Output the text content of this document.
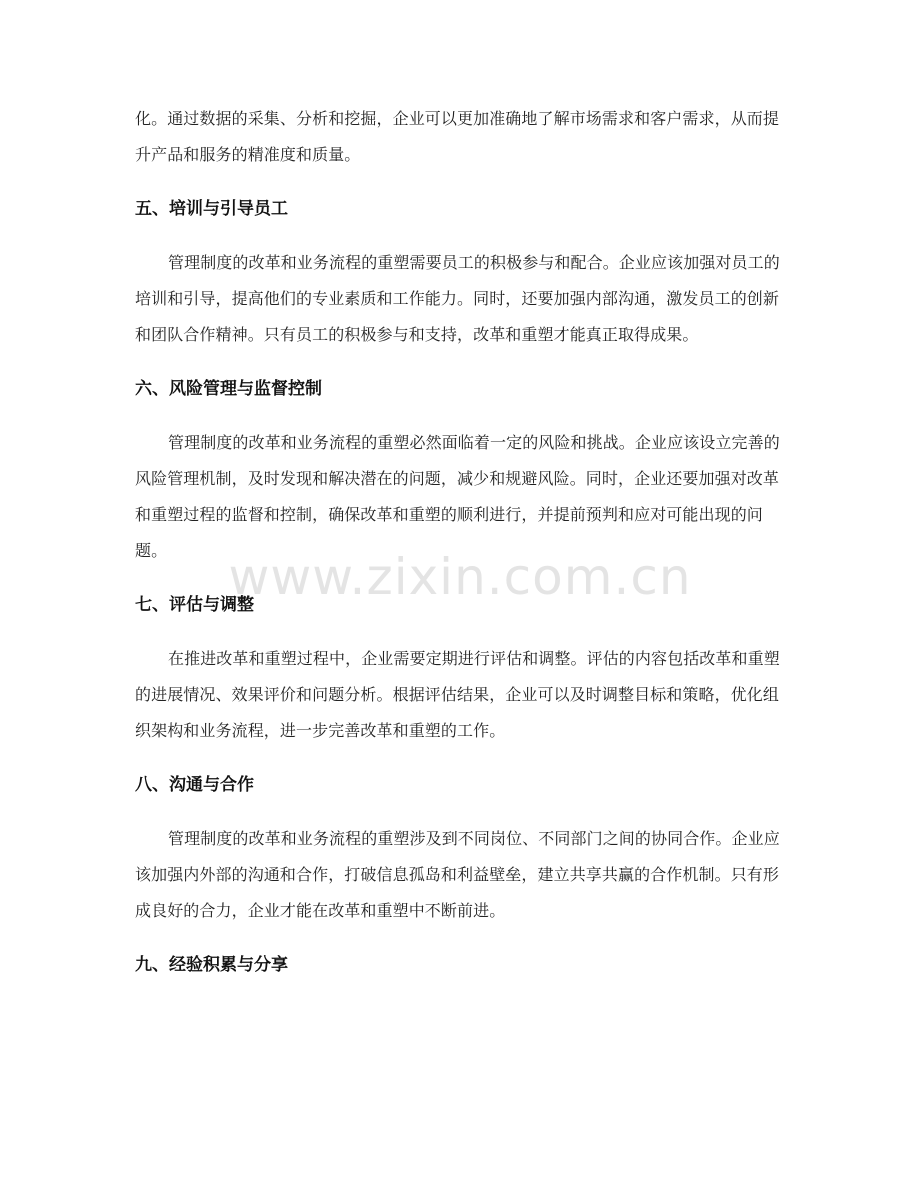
化。通过数据的采集、分析和挖掘，企业可以更加准确地了解市场需求和客户需求，从而提升产品和服务的精准度和质量。

五、培训与引导员工

管理制度的改革和业务流程的重塑需要员工的积极参与和配合。企业应该加强对员工的培训和引导，提高他们的专业素质和工作能力。同时，还要加强内部沟通，激发员工的创新和团队合作精神。只有员工的积极参与和支持，改革和重塑才能真正取得成果。

六、风险管理与监督控制

管理制度的改革和业务流程的重塑必然面临着一定的风险和挑战。企业应该设立完善的风险管理机制，及时发现和解决潜在的问题，减少和规避风险。同时，企业还要加强对改革和重塑过程的监督和控制，确保改革和重塑的顺利进行，并提前预判和应对可能出现的问题。

七、评估与调整

在推进改革和重塑过程中，企业需要定期进行评估和调整。评估的内容包括改革和重塑的进展情况、效果评价和问题分析。根据评估结果，企业可以及时调整目标和策略，优化组织架构和业务流程，进一步完善改革和重塑的工作。

八、沟通与合作

管理制度的改革和业务流程的重塑涉及到不同岗位、不同部门之间的协同合作。企业应该加强内外部的沟通和合作，打破信息孤岛和利益壁垒，建立共享共赢的合作机制。只有形成良好的合力，企业才能在改革和重塑中不断前进。

九、经验积累与分享
www.zixin.com.cn
